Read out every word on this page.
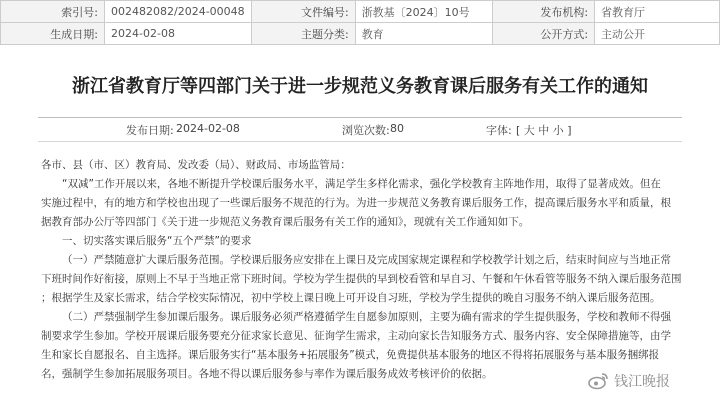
索引号:	002482082/2024-00048	文件编号:	浙教基〔2024〕10号	发布机构:	省教育厅
生成日期:	2024-02-08	主题分类:	教育	公开方式:	主动公开
浙江省教育厅等四部门关于进一步规范义务教育课后服务有关工作的通知
发布日期: 2024-02-08	浏览次数: 80	字体: [ 大 中 小 ]

各市、县（市、区）教育局、发改委（局）、财政局、市场监管局：

“双减”工作开展以来，各地不断提升学校课后服务水平，满足学生多样化需求，强化学校教育主阵地作用，取得了显著成效。但在

实施过程中，有的地方和学校也出现了一些课后服务不规范的行为。为进一步规范义务教育课后服务工作，提高课后服务水平和质量，根

据教育部办公厅等四部门《关于进一步规范义务教育课后服务有关工作的通知》，现就有关工作通知如下。

一、切实落实课后服务“五个严禁”的要求

（一）严禁随意扩大课后服务范围。学校课后服务应安排在上课日及完成国家规定课程和学校教学计划之后，结束时间应与当地正常

下班时间作好衔接，原则上不早于当地正常下班时间。学校为学生提供的早到校看管和早自习、午餐和午休看管等服务不纳入课后服务范围

；根据学生及家长需求，结合学校实际情况，初中学校上课日晚上可开设自习班，学校为学生提供的晚自习服务不纳入课后服务范围。

（二）严禁强制学生参加课后服务。课后服务必须严格遵循学生自愿参加原则，主要为确有需求的学生提供服务，学校和教师不得强

制要求学生参加。学校开展课后服务要充分征求家长意见、征询学生需求，主动向家长告知服务方式、服务内容、安全保障措施等，由学

生和家长自愿报名、自主选择。课后服务实行“基本服务+拓展服务”模式，免费提供基本服务的地区不得将拓展服务与基本服务捆绑报

名，强制学生参加拓展服务项目。各地不得以课后服务参与率作为课后服务成效考核评价的依据。	钱江晚报
